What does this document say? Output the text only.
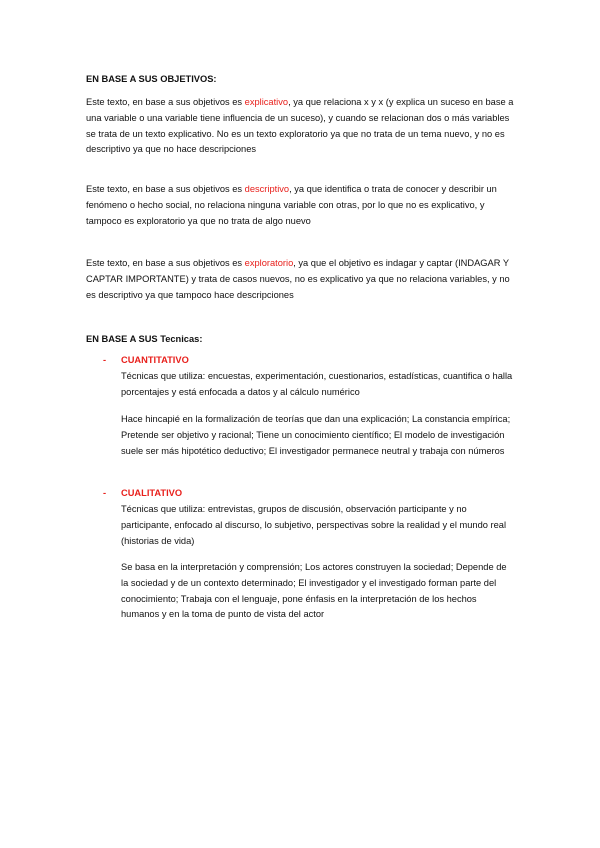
EN BASE A SUS OBJETIVOS:

Este texto, en base a sus objetivos es explicativo, ya que relaciona x y x (y explica un suceso en base a una variable o una variable tiene influencia de un suceso), y cuando se relacionan dos o más variables se trata de un texto explicativo. No es un texto exploratorio ya que no trata de un tema nuevo, y no es descriptivo ya que no hace descripciones

Este texto, en base a sus objetivos es descriptivo, ya que identifica o trata de conocer y describir un fenómeno o hecho social, no relaciona ninguna variable con otras, por lo que no es explicativo, y tampoco es exploratorio ya que no trata de algo nuevo

Este texto, en base a sus objetivos es exploratorio, ya que el objetivo es indagar y captar (INDAGAR Y CAPTAR IMPORTANTE) y trata de casos nuevos, no es explicativo ya que no relaciona variables, y no es descriptivo ya que tampoco hace descripciones

EN BASE A SUS Tecnicas:
- CUANTITATIVO

Técnicas que utiliza: encuestas, experimentación, cuestionarios, estadísticas, cuantifica o halla porcentajes y está enfocada a datos y al cálculo numérico

Hace hincapié en la formalización de teorías que dan una explicación; La constancia empírica; Pretende ser objetivo y racional; Tiene un conocimiento científico; El modelo de investigación suele ser más hipotético deductivo; El investigador permanece neutral y trabaja con números

- CUALITATIVO

Técnicas que utiliza: entrevistas, grupos de discusión, observación participante y no participante, enfocado al discurso, lo subjetivo, perspectivas sobre la realidad y el mundo real (historias de vida)

Se basa en la interpretación y comprensión; Los actores construyen la sociedad; Depende de la sociedad y de un contexto determinado; El investigador y el investigado forman parte del conocimiento; Trabaja con el lenguaje, pone énfasis en la interpretación de los hechos humanos y en la toma de punto de vista del actor
